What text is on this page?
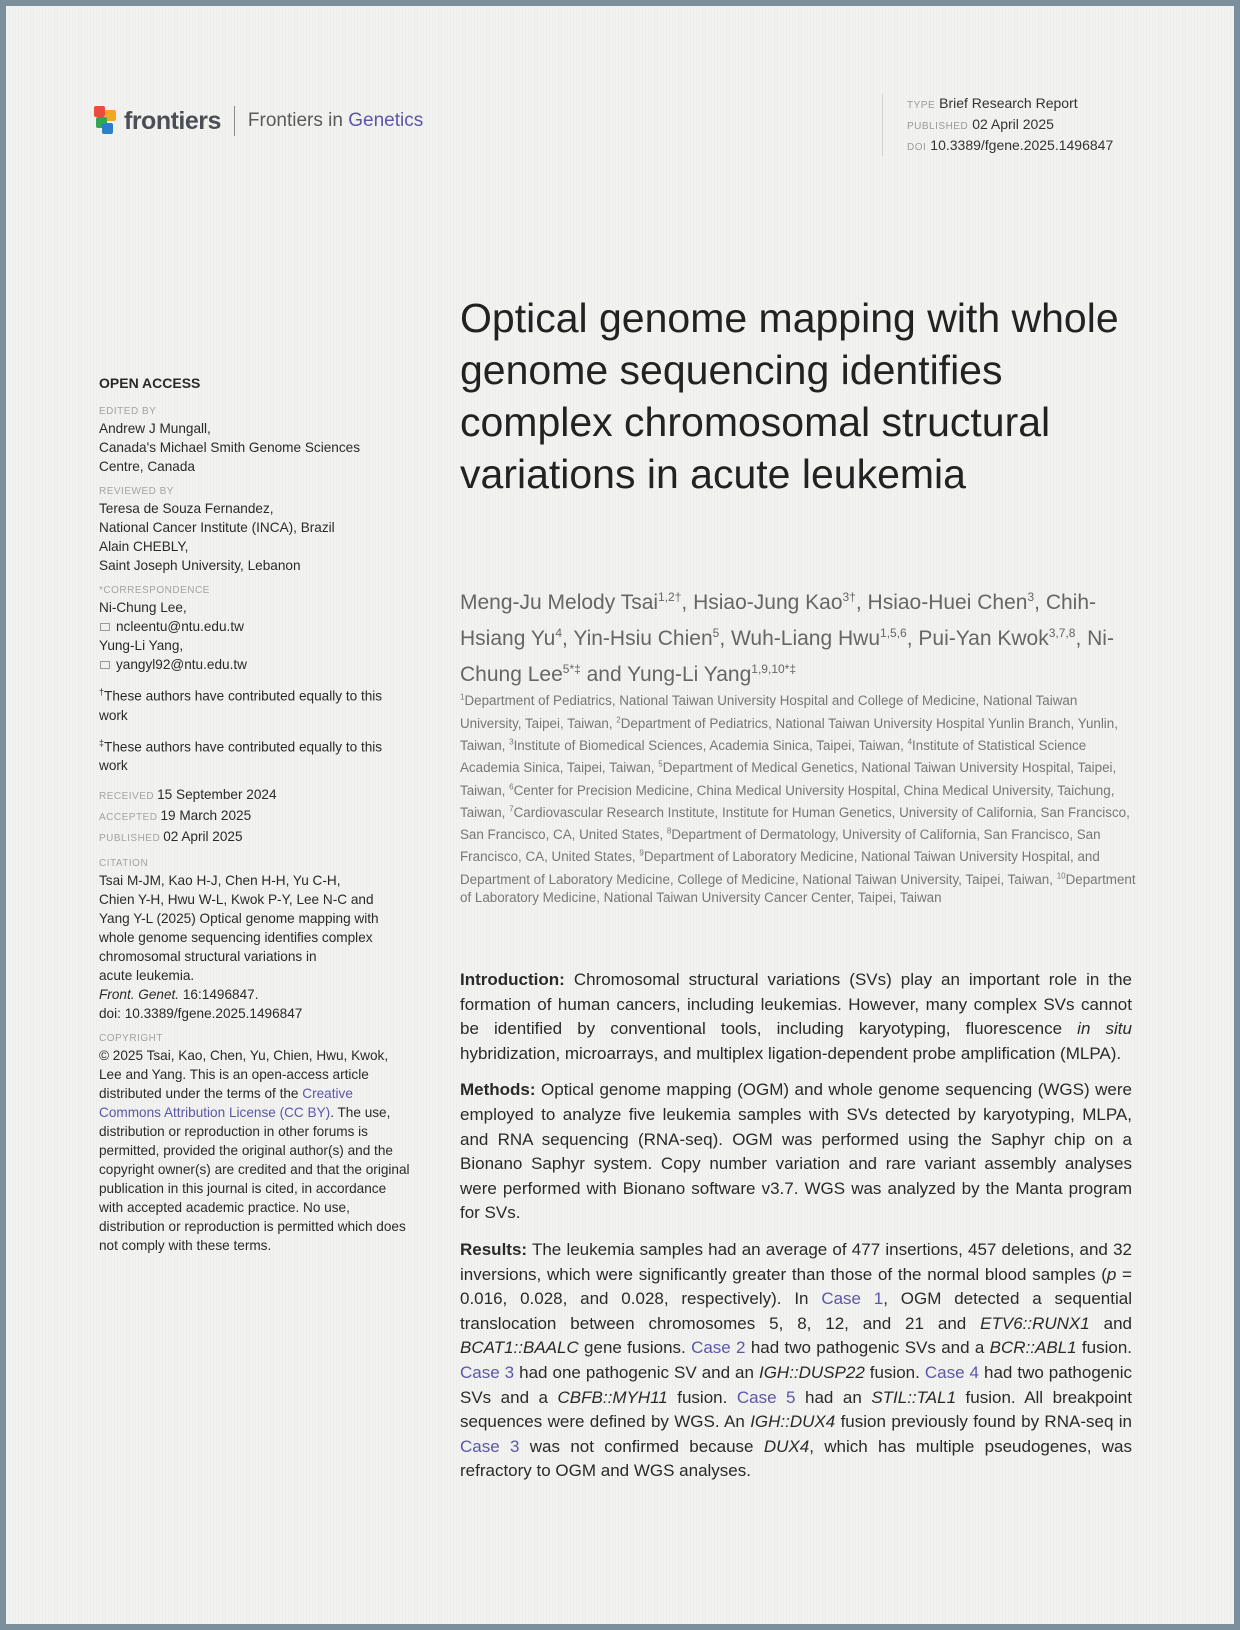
frontiers Frontiers in Genetics
TYPE Brief Research Report
PUBLISHED 02 April 2025
DOI 10.3389/fgene.2025.1496847
OPEN ACCESS
EDITED BY
Andrew J Mungall,
Canada's Michael Smith Genome Sciences
Centre, Canada
REVIEWED BY
Teresa de Souza Fernandez,
National Cancer Institute (INCA), Brazil
Alain CHEBLY,
Saint Joseph University, Lebanon
*CORRESPONDENCE
Ni-Chung Lee,
ncleentu@ntu.edu.tw
Yung-Li Yang,
yangyl92@ntu.edu.tw
†These authors have contributed equally to this work
‡These authors have contributed equally to this work
RECEIVED 15 September 2024
ACCEPTED 19 March 2025
PUBLISHED 02 April 2025
CITATION
Tsai M-JM, Kao H-J, Chen H-H, Yu C-H,
Chien Y-H, Hwu W-L, Kwok P-Y, Lee N-C and
Yang Y-L (2025) Optical genome mapping with
whole genome sequencing identifies complex
chromosomal structural variations in
acute leukemia.
Front. Genet. 16:1496847.
doi: 10.3389/fgene.2025.1496847
COPYRIGHT
© 2025 Tsai, Kao, Chen, Yu, Chien, Hwu, Kwok, Lee and Yang. This is an open-access article distributed under the terms of the Creative Commons Attribution License (CC BY). The use, distribution or reproduction in other forums is permitted, provided the original author(s) and the copyright owner(s) are credited and that the original publication in this journal is cited, in accordance with accepted academic practice. No use, distribution or reproduction is permitted which does not comply with these terms.
Optical genome mapping with whole genome sequencing identifies complex chromosomal structural variations in acute leukemia
Meng-Ju Melody Tsai$^{1,2\dagger}$, Hsiao-Jung Kao$^{3\dagger}$, Hsiao-Huei Chen$^3$, Chih-Hsiang Yu$^4$, Yin-Hsiu Chien$^5$, Wuh-Liang Hwu$^{1,5,6}$, Pui-Yan Kwok$^{3,7,8}$, Ni-Chung Lee$^{5*\ddagger}$ and Yung-Li Yang$^{1,9,10*\ddagger}$
$^1$Department of Pediatrics, National Taiwan University Hospital and College of Medicine, National Taiwan University, Taipei, Taiwan, $^2$Department of Pediatrics, National Taiwan University Hospital Yunlin Branch, Yunlin, Taiwan, $^3$Institute of Biomedical Sciences, Academia Sinica, Taipei, Taiwan, $^4$Institute of Statistical Science Academia Sinica, Taipei, Taiwan, $^5$Department of Medical Genetics, National Taiwan University Hospital, Taipei, Taiwan, $^6$Center for Precision Medicine, China Medical University Hospital, China Medical University, Taichung, Taiwan, $^7$Cardiovascular Research Institute, Institute for Human Genetics, University of California, San Francisco, San Francisco, CA, United States, $^8$Department of Dermatology, University of California, San Francisco, San Francisco, CA, United States, $^9$Department of Laboratory Medicine, National Taiwan University Hospital, and Department of Laboratory Medicine, College of Medicine, National Taiwan University, Taipei, Taiwan, $^{10}$Department of Laboratory Medicine, National Taiwan University Cancer Center, Taipei, Taiwan

Introduction: Chromosomal structural variations (SVs) play an important role in the formation of human cancers, including leukemias. However, many complex SVs cannot be identified by conventional tools, including karyotyping, fluorescence in situ hybridization, microarrays, and multiplex ligation-dependent probe amplification (MLPA).

Methods: Optical genome mapping (OGM) and whole genome sequencing (WGS) were employed to analyze five leukemia samples with SVs detected by karyotyping, MLPA, and RNA sequencing (RNA-seq). OGM was performed using the Saphyr chip on a Bionano Saphyr system. Copy number variation and rare variant assembly analyses were performed with Bionano software v3.7. WGS was analyzed by the Manta program for SVs.

Results: The leukemia samples had an average of 477 insertions, 457 deletions, and 32 inversions, which were significantly greater than those of the normal blood samples (p = 0.016, 0.028, and 0.028, respectively). In Case 1, OGM detected a sequential translocation between chromosomes 5, 8, 12, and 21 and ETV6::RUNX1 and BCAT1::BAALC gene fusions. Case 2 had two pathogenic SVs and a BCR::ABL1 fusion. Case 3 had one pathogenic SV and an IGH::DUSP22 fusion. Case 4 had two pathogenic SVs and a CBFB::MYH11 fusion. Case 5 had an STIL::TAL1 fusion. All breakpoint sequences were defined by WGS. An IGH::DUX4 fusion previously found by RNA-seq in Case 3 was not confirmed because DUX4, which has multiple pseudogenes, was refractory to OGM and WGS analyses.
